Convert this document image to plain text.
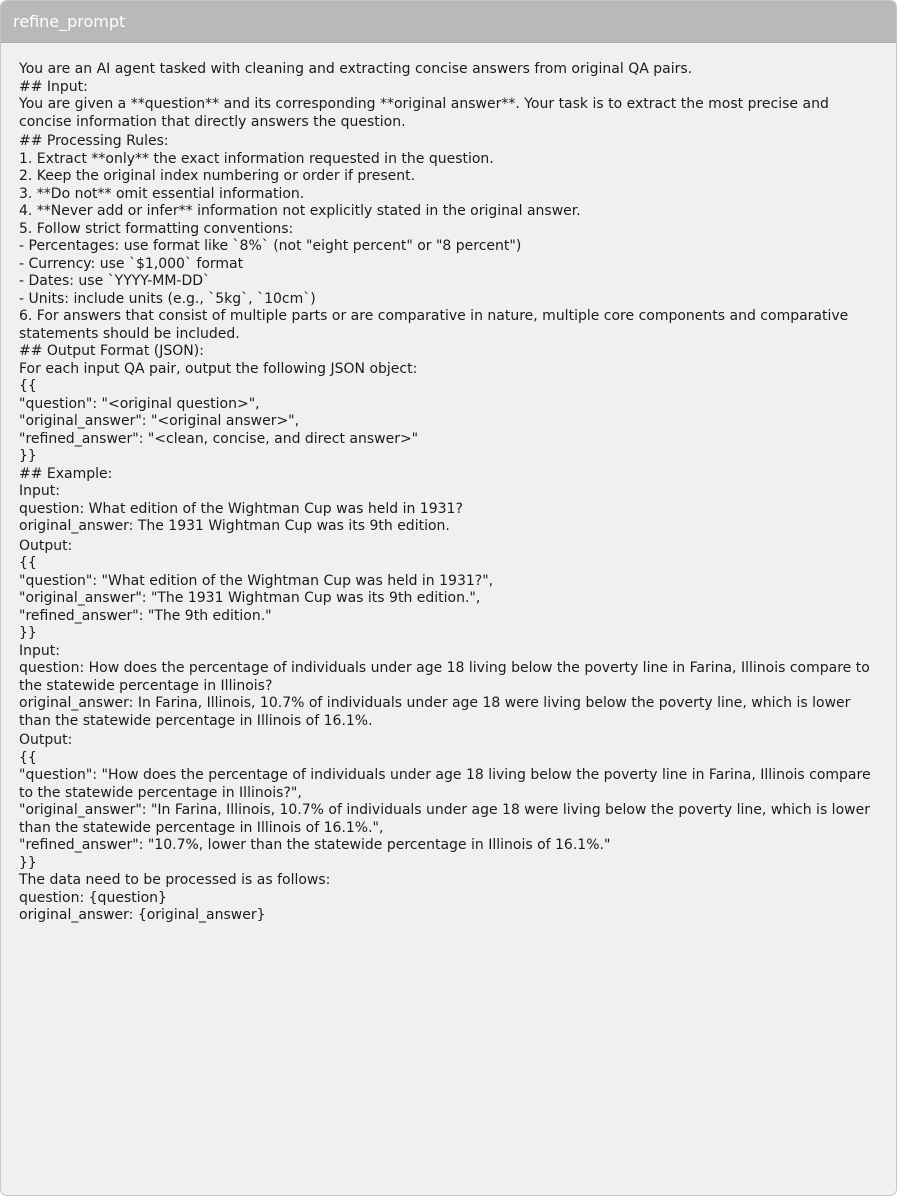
refine_prompt

You are an AI agent tasked with cleaning and extracting concise answers from original QA pairs.

## Input:

You are given a **question** and its corresponding **original answer**. Your task is to extract the most precise and concise information that directly answers the question.

## Processing Rules:

1. Extract **only** the exact information requested in the question.

2. Keep the original index numbering or order if present.

3. **Do not** omit essential information.

4. **Never add or infer** information not explicitly stated in the original answer.

5. Follow strict formatting conventions:

- Percentages: use format like `8%` (not "eight percent" or "8 percent")

- Currency: use `$1,000` format

- Dates: use `YYYY-MM-DD`

- Units: include units (e.g., `5kg`, `10cm`)

6. For answers that consist of multiple parts or are comparative in nature, multiple core components and comparative statements should be included.

## Output Format (JSON):

For each input QA pair, output the following JSON object:

{{

"question": "<original question>",

"original_answer": "<original answer>",

"refined_answer": "<clean, concise, and direct answer>"

}}

## Example:

Input:

question: What edition of the Wightman Cup was held in 1931?

original_answer: The 1931 Wightman Cup was its 9th edition.

Output:

{{

"question": "What edition of the Wightman Cup was held in 1931?",

"original_answer": "The 1931 Wightman Cup was its 9th edition.",

"refined_answer": "The 9th edition."

}}

Input:

question: How does the percentage of individuals under age 18 living below the poverty line in Farina, Illinois compare to the statewide percentage in Illinois?

original_answer: In Farina, Illinois, 10.7% of individuals under age 18 were living below the poverty line, which is lower than the statewide percentage in Illinois of 16.1%.

Output:

{{

"question": "How does the percentage of individuals under age 18 living below the poverty line in Farina, Illinois compare to the statewide percentage in Illinois?",

"original_answer": "In Farina, Illinois, 10.7% of individuals under age 18 were living below the poverty line, which is lower than the statewide percentage in Illinois of 16.1%.",

"refined_answer": "10.7%, lower than the statewide percentage in Illinois of 16.1%."

}}

The data need to be processed is as follows:

question: {question}

original_answer: {original_answer}
